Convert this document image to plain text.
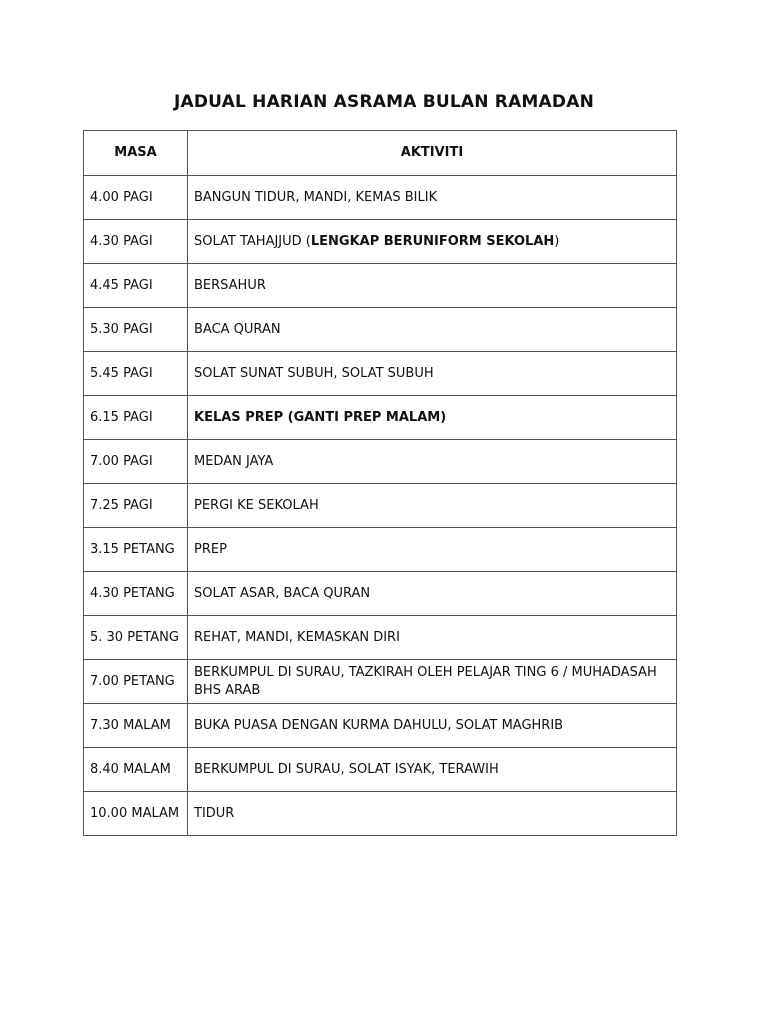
JADUAL HARIAN ASRAMA BULAN RAMADAN
MASA	AKTIVITI
4.00 PAGI	BANGUN TIDUR, MANDI, KEMAS BILIK
4.30 PAGI	SOLAT TAHAJJUD (LENGKAP BERUNIFORM SEKOLAH)
4.45 PAGI	BERSAHUR
5.30 PAGI	BACA QURAN
5.45 PAGI	SOLAT SUNAT SUBUH, SOLAT SUBUH
6.15 PAGI	KELAS PREP (GANTI PREP MALAM)
7.00 PAGI	MEDAN JAYA
7.25 PAGI	PERGI KE SEKOLAH
3.15 PETANG	PREP
4.30 PETANG	SOLAT ASAR, BACA QURAN
5. 30 PETANG	REHAT, MANDI, KEMASKAN DIRI
7.00 PETANG	BERKUMPUL DI SURAU, TAZKIRAH OLEH PELAJAR TING 6 / MUHADASAH BHS ARAB
7.30 MALAM	BUKA PUASA DENGAN KURMA DAHULU, SOLAT MAGHRIB
8.40 MALAM	BERKUMPUL DI SURAU, SOLAT ISYAK, TERAWIH
10.00 MALAM	TIDUR
